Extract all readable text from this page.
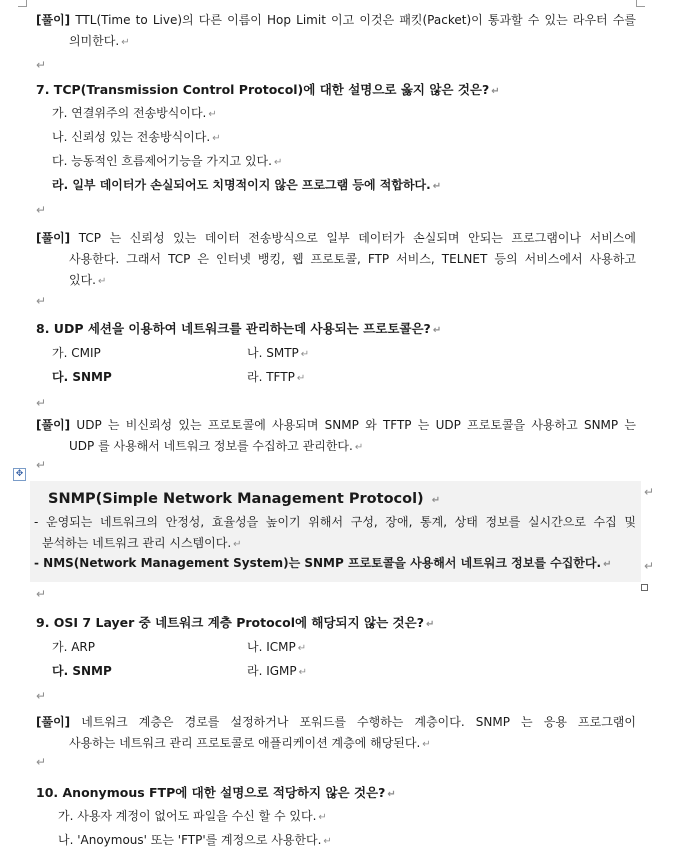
[풀이] TTL(Time to Live)의 다른 이름이 Hop Limit 이고 이것은 패킷(Packet)이 통과할 수 있는 라우터 수를
의미한다. ↵
↵
7. TCP(Transmission Control Protocol)에 대한 설명으로 옳지 않은 것은? ↵
가. 연결위주의 전송방식이다. ↵
나. 신뢰성 있는 전송방식이다. ↵
다. 능동적인 흐름제어기능을 가지고 있다. ↵
라. 일부 데이터가 손실되어도 치명적이지 않은 프로그램 등에 적합하다. ↵
↵
[풀이] TCP 는 신뢰성 있는 데이터 전송방식으로 일부 데이터가 손실되며 안되는 프로그램이나 서비스에
사용한다. 그래서 TCP 은 인터넷 뱅킹, 웹 프로토콜, FTP 서비스, TELNET 등의 서비스에서 사용하고
있다. ↵
↵
8. UDP 세션을 이용하여 네트워크를 관리하는데 사용되는 프로토콜은? ↵
가. CMIP	나. SMTP ↵
다. SNMP	라. TFTP ↵
↵
[풀이] UDP 는 비신뢰성 있는 프로토콜에 사용되며 SNMP 와 TFTP 는 UDP 프로토콜을 사용하고 SNMP 는
UDP 를 사용해서 네트워크 정보를 수집하고 관리한다. ↵
↵
✥
SNMP(Simple Network Management Protocol) ↵
- 운영되는 네트워크의 안정성, 효율성을 높이기 위해서 구성, 장애, 통계, 상태 정보를 실시간으로 수집 및
분석하는 네트워크 관리 시스템이다. ↵
- NMS(Network Management System)는 SNMP 프로토콜을 사용해서 네트워크 정보를 수집한다. ↵
↵
↵
↵
9. OSI 7 Layer 중 네트워크 계층 Protocol에 해당되지 않는 것은? ↵
가. ARP	나. ICMP ↵
다. SNMP	라. IGMP ↵
↵
[풀이] 네트워크 계층은 경로를 설정하거나 포워드를 수행하는 계층이다. SNMP 는 응용 프로그램이
사용하는 네트워크 관리 프로토콜로 애플리케이션 계층에 해당된다. ↵
↵
10. Anonymous FTP에 대한 설명으로 적당하지 않은 것은? ↵
가. 사용자 계정이 없어도 파일을 수신 할 수 있다. ↵
나. 'Anoymous' 또는 'FTP'를 계정으로 사용한다. ↵
